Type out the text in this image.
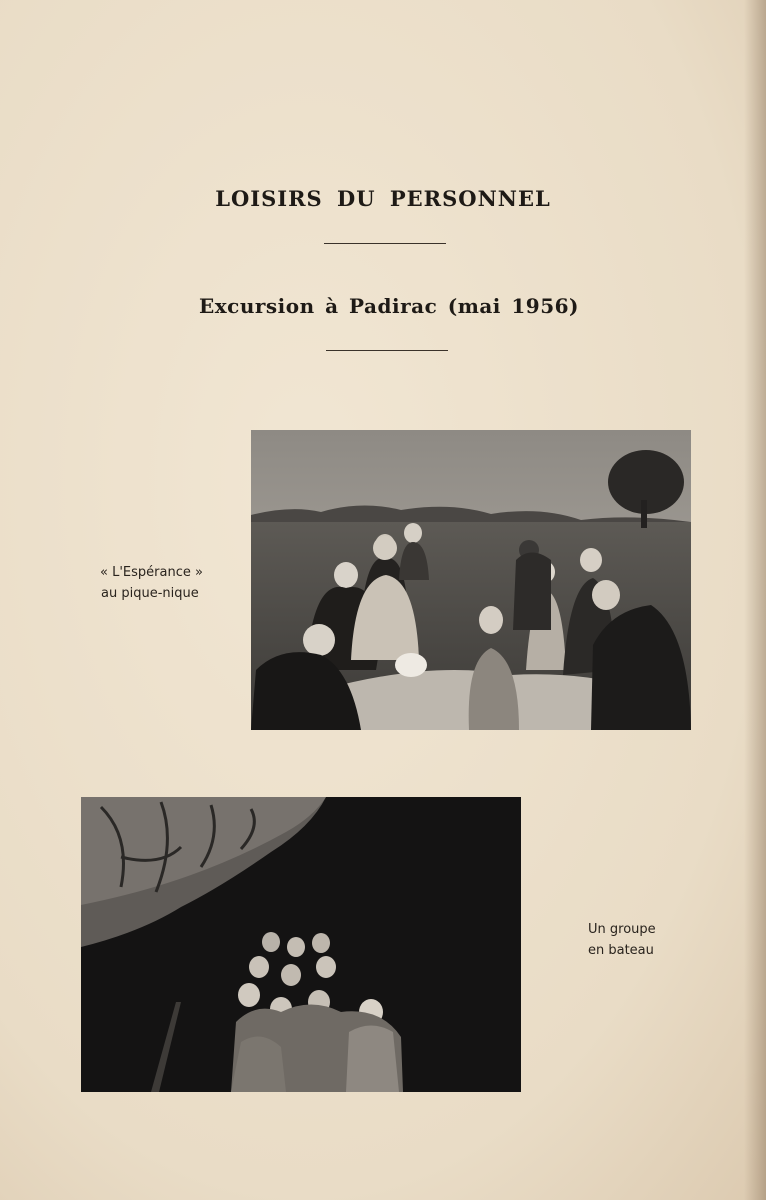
LOISIRS DU PERSONNEL
Excursion à Padirac (mai 1956)
« L'Espérance »
au pique-nique
Un groupe
en bateau
